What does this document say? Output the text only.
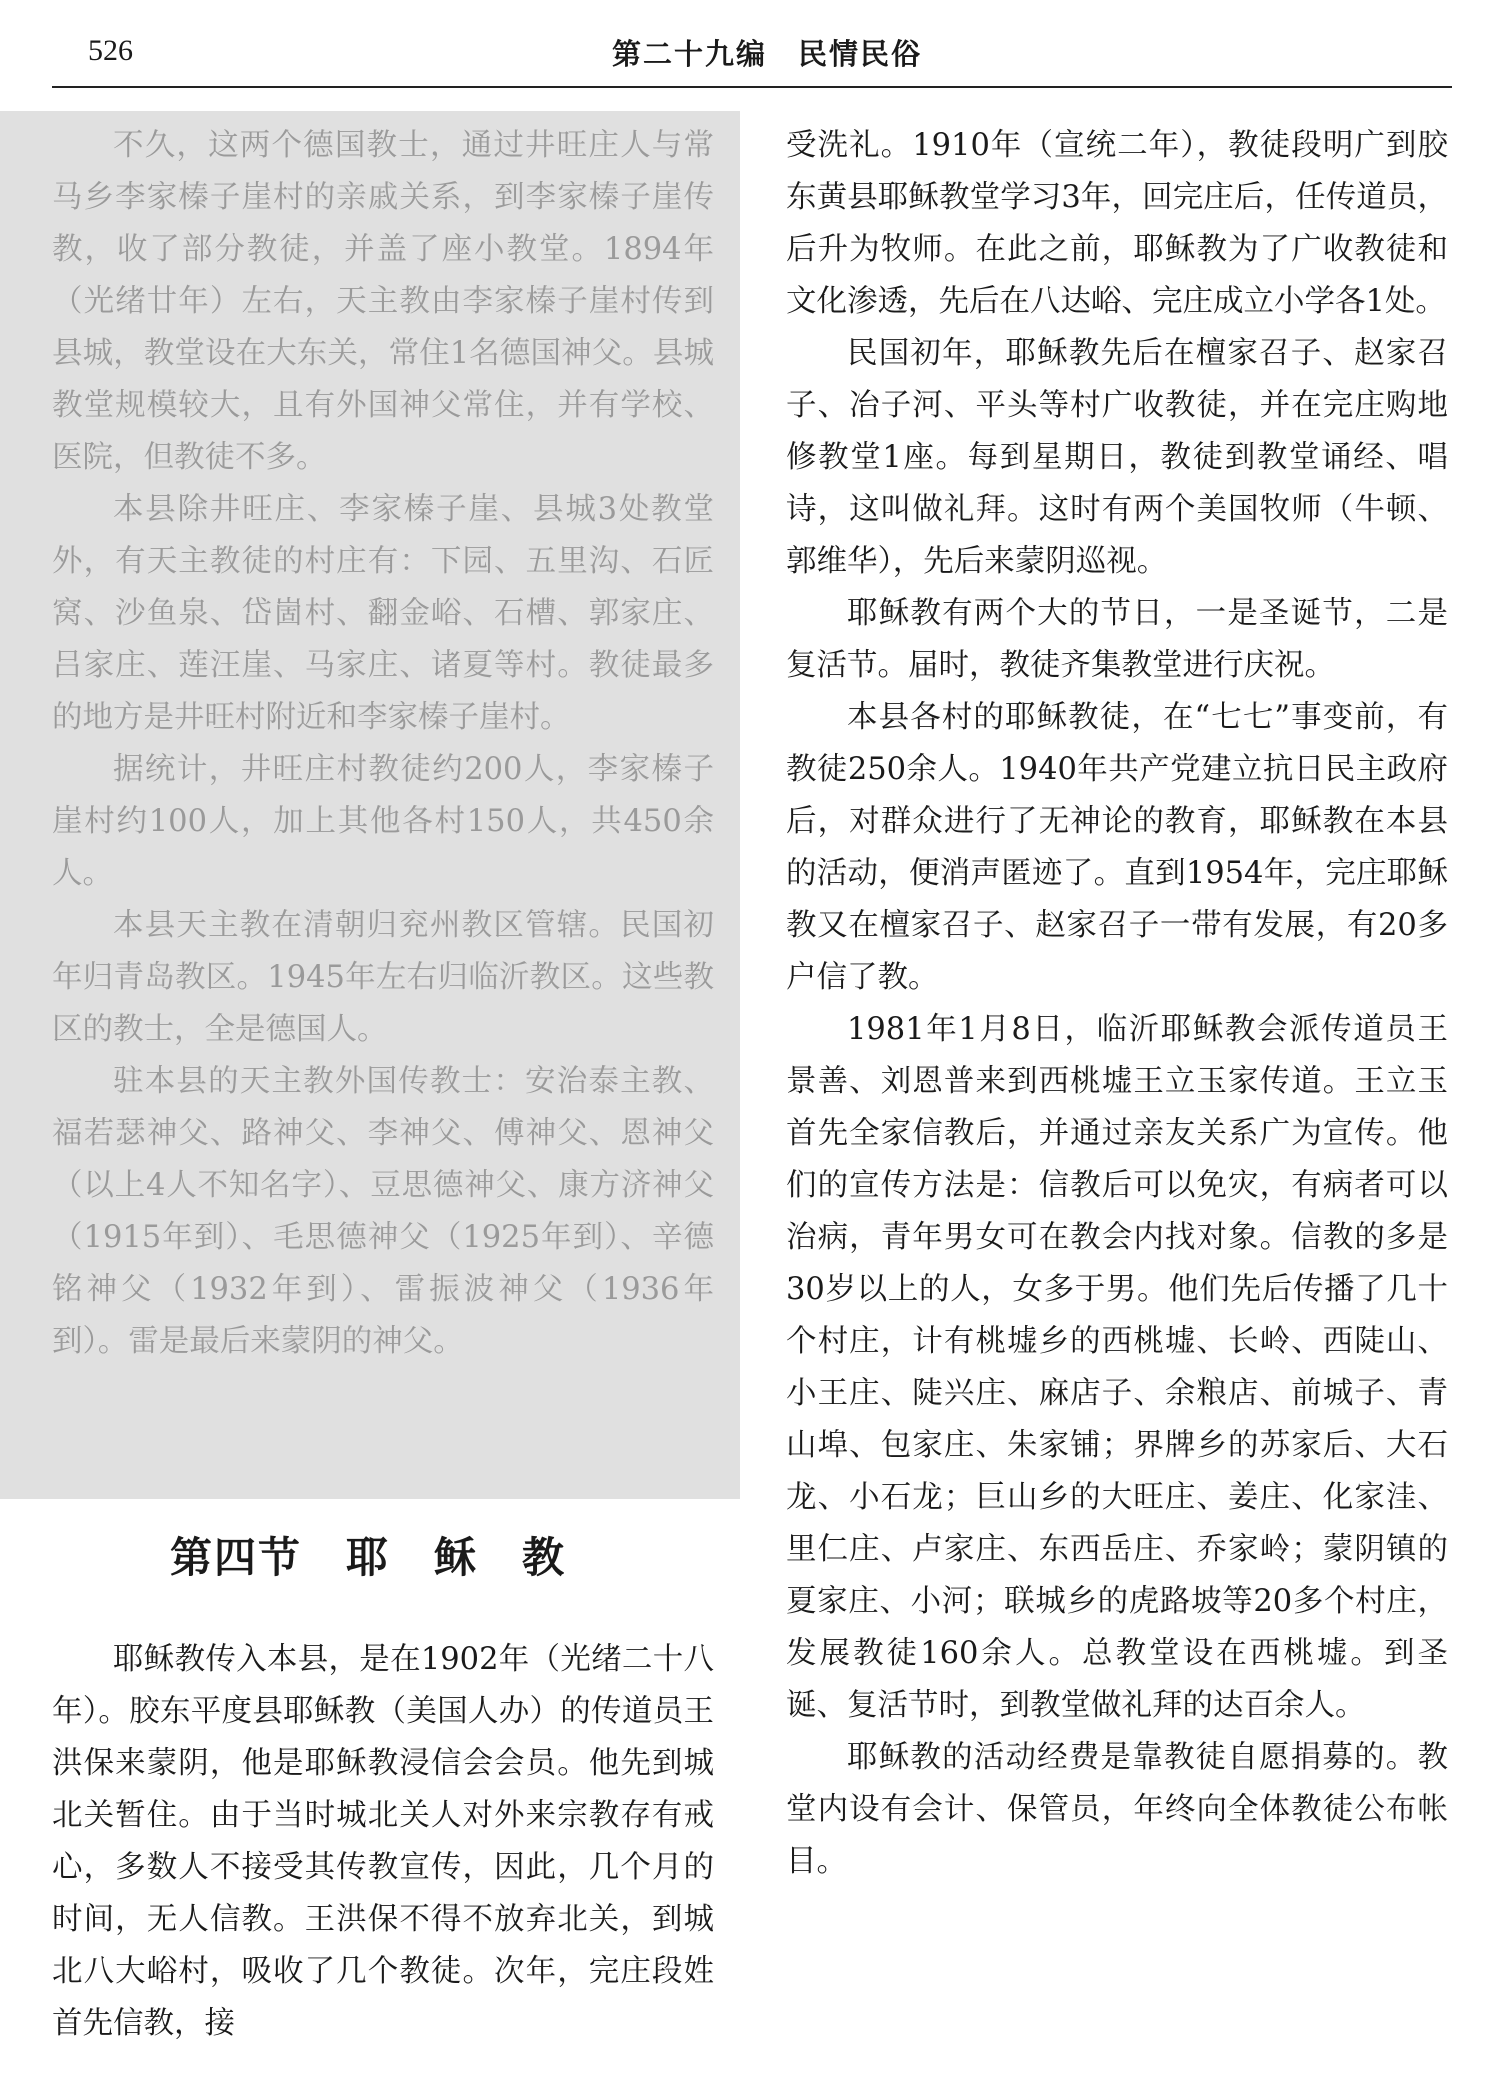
526	第二十九编　民情民俗

不久，这两个德国教士，通过井旺庄人与常马乡李家榛子崖村的亲戚关系，到李家榛子崖传教，收了部分教徒，并盖了座小教堂。1894年（光绪廿年）左右，天主教由李家榛子崖村传到县城，教堂设在大东关，常住1名德国神父。县城教堂规模较大，且有外国神父常住，并有学校、医院，但教徒不多。

本县除井旺庄、李家榛子崖、县城3处教堂外，有天主教徒的村庄有：下园、五里沟、石匠窝、沙鱼泉、岱崮村、翻金峪、石槽、郭家庄、吕家庄、莲汪崖、马家庄、诸夏等村。教徒最多的地方是井旺村附近和李家榛子崖村。

据统计，井旺庄村教徒约200人，李家榛子崖村约100人，加上其他各村150人，共450余人。

本县天主教在清朝归兖州教区管辖。民国初年归青岛教区。1945年左右归临沂教区。这些教区的教士，全是德国人。

驻本县的天主教外国传教士：安治泰主教、福若瑟神父、路神父、李神父、傅神父、恩神父（以上4人不知名字）、豆思德神父、康方济神父（1915年到）、毛思德神父（1925年到）、辛德铭神父（1932年到）、雷振波神父（1936年到）。雷是最后来蒙阴的神父。

第四节　耶　稣　教

耶稣教传入本县，是在1902年（光绪二十八年）。胶东平度县耶稣教（美国人办）的传道员王洪保来蒙阴，他是耶稣教浸信会会员。他先到城北关暂住。由于当时城北关人对外来宗教存有戒心，多数人不接受其传教宣传，因此，几个月的时间，无人信教。王洪保不得不放弃北关，到城北八大峪村，吸收了几个教徒。次年，完庄段姓首先信教，接

受洗礼。1910年（宣统二年），教徒段明广到胶东黄县耶稣教堂学习3年，回完庄后，任传道员，后升为牧师。在此之前，耶稣教为了广收教徒和文化渗透，先后在八达峪、完庄成立小学各1处。

民国初年，耶稣教先后在檀家召子、赵家召子、冶子河、平头等村广收教徒，并在完庄购地修教堂1座。每到星期日，教徒到教堂诵经、唱诗，这叫做礼拜。这时有两个美国牧师（牛顿、郭维华），先后来蒙阴巡视。

耶稣教有两个大的节日，一是圣诞节，二是复活节。届时，教徒齐集教堂进行庆祝。

本县各村的耶稣教徒，在“七七”事变前，有教徒250余人。1940年共产党建立抗日民主政府后，对群众进行了无神论的教育，耶稣教在本县的活动，便消声匿迹了。直到1954年，完庄耶稣教又在檀家召子、赵家召子一带有发展，有20多户信了教。

1981年1月8日，临沂耶稣教会派传道员王景善、刘恩普来到西桃墟王立玉家传道。王立玉首先全家信教后，并通过亲友关系广为宣传。他们的宣传方法是：信教后可以免灾，有病者可以治病，青年男女可在教会内找对象。信教的多是30岁以上的人，女多于男。他们先后传播了几十个村庄，计有桃墟乡的西桃墟、长岭、西陡山、小王庄、陡兴庄、麻店子、余粮店、前城子、青山埠、包家庄、朱家铺；界牌乡的苏家后、大石龙、小石龙；巨山乡的大旺庄、姜庄、化家洼、里仁庄、卢家庄、东西岳庄、乔家岭；蒙阴镇的夏家庄、小河；联城乡的虎路坡等20多个村庄，发展教徒160余人。总教堂设在西桃墟。到圣诞、复活节时，到教堂做礼拜的达百余人。

耶稣教的活动经费是靠教徒自愿捐募的。教堂内设有会计、保管员，年终向全体教徒公布帐目。
